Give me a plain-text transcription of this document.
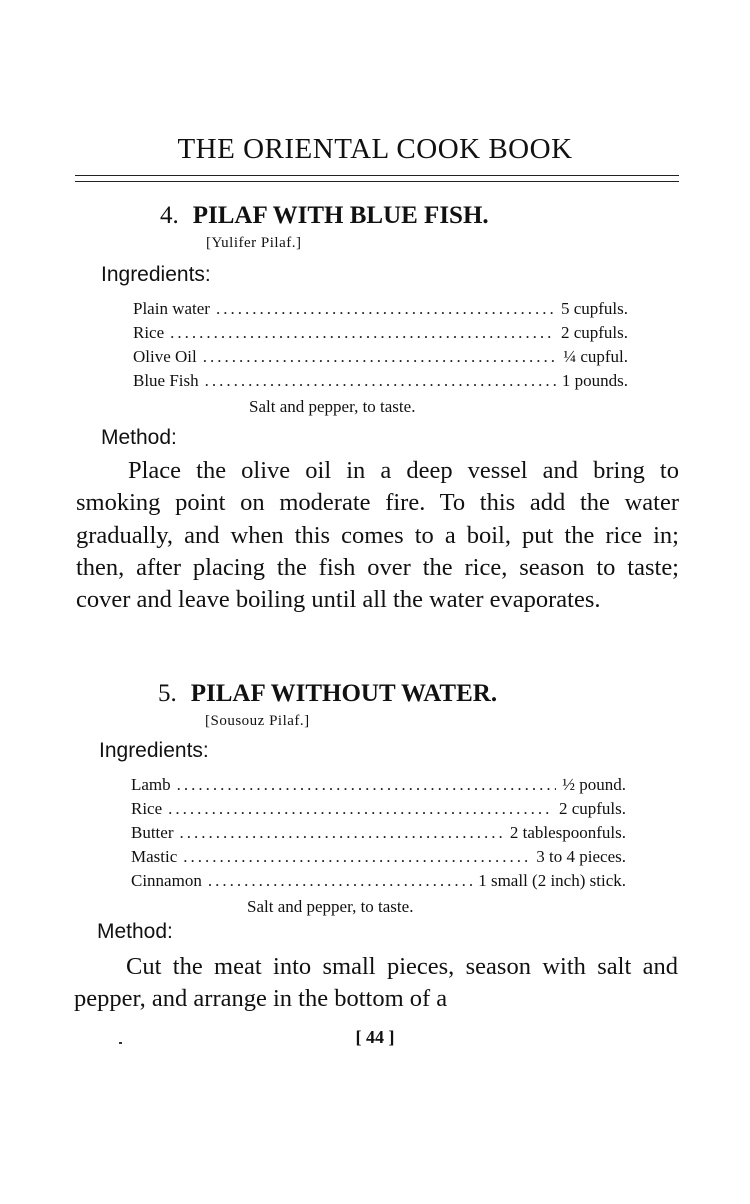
THE ORIENTAL COOK BOOK
4. PILAF WITH BLUE FISH.
[Yulifer Pilaf.]
Ingredients:
Plain water .....	5 cupfuls.
Rice .....	2 cupfuls.
Olive Oil .....	¼ cupful.
Blue Fish .....	1 pounds.
Salt and pepper, to taste.
Method:

Place the olive oil in a deep vessel and bring to smoking point on moderate fire. To this add the water gradually, and when this comes to a boil, put the rice in; then, after placing the fish over the rice, season to taste; cover and leave boiling until all the water evaporates.

5. PILAF WITHOUT WATER.
[Sousouz Pilaf.]
Ingredients:
Lamb .....	½ pound.
Rice .....	2 cupfuls.
Butter .....	2 tablespoonfuls.
Mastic .....	3 to 4 pieces.
Cinnamon .....	1 small (2 inch) stick.
Salt and pepper, to taste.
Method:

Cut the meat into small pieces, season with salt and pepper, and arrange in the bottom of a

[ 44 ]
